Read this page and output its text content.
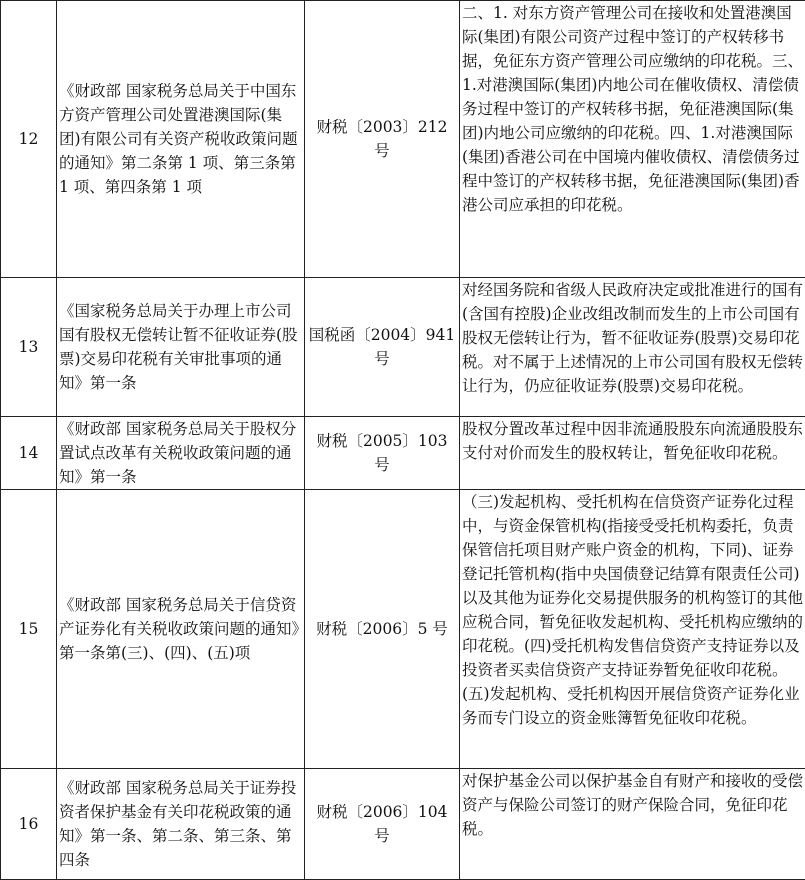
12	《财政部 国家税务总局关于中国东方资产管理公司处置港澳国际(集 团)有限公司有关资产税收政策问题的通知》第二条第 1 项、第三条第 1 项、第四条第 1 项	财税〔2003〕212 号	二、1. 对东方资产管理公司在接收和处置港澳国际(集团)有限公司资产过程中签订的产权转移书据，免征东方资产管理公司应缴纳的印花税。三、1.对港澳国际(集团)内地公司在催收债权、清偿债务过程中签订的产权转移书据，免征港澳国际(集团)内地公司应缴纳的印花税。四、1.对港澳国际(集团)香港公司在中国境内催收债权、清偿债务过程中签订的产权转移书据，免征港澳国际(集团)香港公司应承担的印花税。
13	《国家税务总局关于办理上市公司国有股权无偿转让暂不征收证券(股 票)交易印花税有关审批事项的通知》第一条	国税函〔2004〕941 号	对经国务院和省级人民政府决定或批准进行的国有(含国有控股)企业改组改制而发生的上市公司国有股权无偿转让行为，暂不征收证券(股票)交易印花税。对不属于上述情况的上市公司国有股权无偿转让行为，仍应征收证券(股票)交易印花税。
14	《财政部 国家税务总局关于股权分置试点改革有关税收政策问题的通知》第一条	财税〔2005〕103 号	股权分置改革过程中因非流通股股东向流通股股东支付对价而发生的股权转让，暂免征收印花税。
15	《财政部 国家税务总局关于信贷资产证券化有关税收政策问题的通知》第一条第(三)、(四)、(五)项	财税〔2006〕5 号	（三)发起机构、受托机构在信贷资产证券化过程中，与资金保管机构(指接受受托机构委托，负责保管信托项目财产账户资金的机构，下同)、证券登记托管机构(指中央国债登记结算有限责任公司)以及其他为证券化交易提供服务的机构签订的其他应税合同，暂免征收发起机构、受托机构应缴纳的印花税。(四)受托机构发售信贷资产支持证券以及投资者买卖信贷资产支持证券暂免征收印花税。(五)发起机构、受托机构因开展信贷资产证券化业务而专门设立的资金账簿暂免征收印花税。
16	《财政部 国家税务总局关于证券投资者保护基金有关印花税政策的通知》第一条、第二条、第三条、第四条	财税〔2006〕104 号	对保护基金公司以保护基金自有财产和接收的受偿资产与保险公司签订的财产保险合同，免征印花税。
